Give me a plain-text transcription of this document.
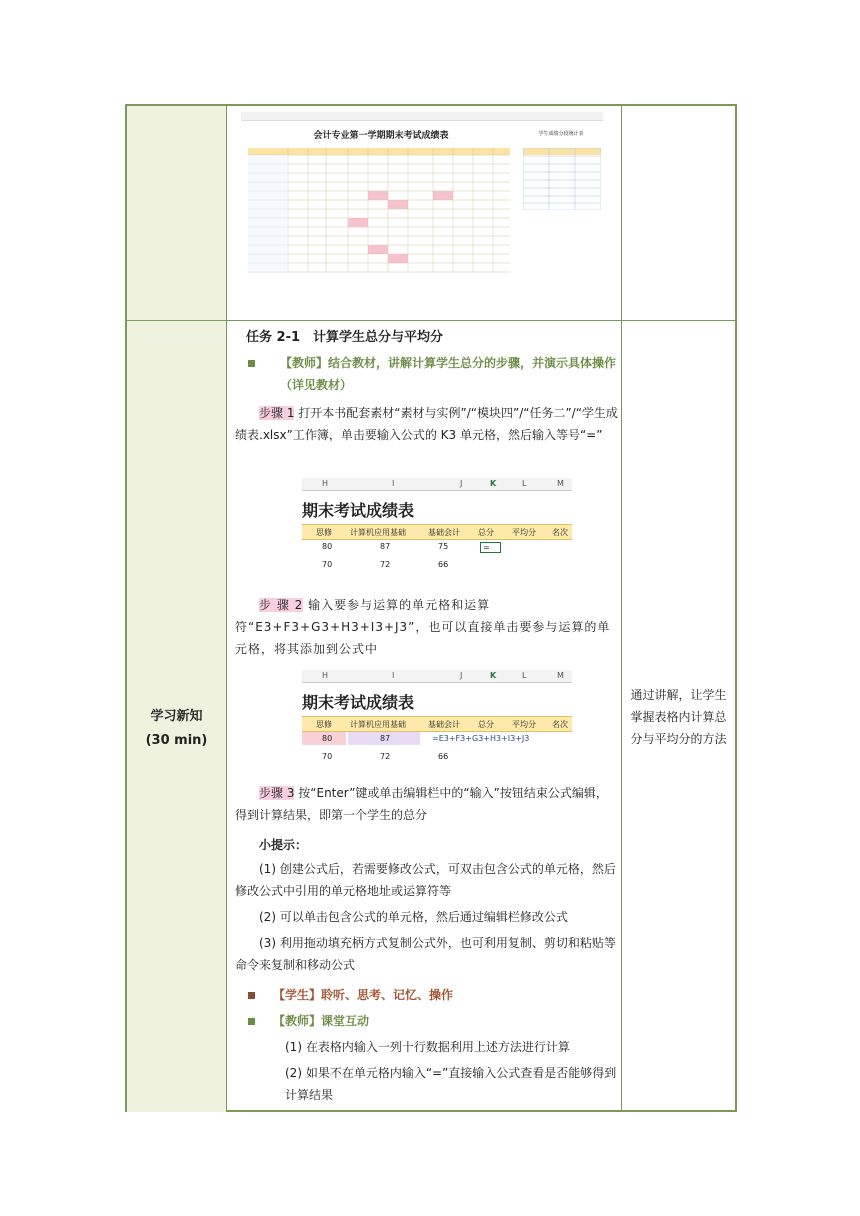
会计专业第一学期期末考试成绩表	学生成绩分段统计表
学习新知
(30 min)
通过讲解，让学生掌握表格内计算总分与平均分的方法
任务 2-1　计算学生总分与平均分
【教师】结合教材，讲解计算学生总分的步骤，并演示具体操作（详见教材）
步骤 1 打开本书配套素材“素材与实例”/“模块四”/“任务二”/“学生成绩表.xlsx”工作簿，单击要输入公式的 K3 单元格，然后输入等号“=”
H	I	J	K	L	M
期末考试成绩表
思修 计算机应用基础	基础会计 总分 平均分 名次
80	87	75	=
70	72	66
步 骤 2 输入要参与运算的单元格和运算符“E3+F3+G3+H3+I3+J3”，也可以直接单击要参与运算的单元格，将其添加到公式中
H	I	J	K	L	M
期末考试成绩表
思修 计算机应用基础	基础会计 总分 平均分 名次
80	87	=E3+F3+G3+H3+I3+J3
70	72	66
步骤 3 按“Enter”键或单击编辑栏中的“输入”按钮结束公式编辑，得到计算结果，即第一个学生的总分
小提示：
(1) 创建公式后，若需要修改公式，可双击包含公式的单元格，然后修改公式中引用的单元格地址或运算符等
(2) 可以单击包含公式的单元格，然后通过编辑栏修改公式
(3) 利用拖动填充柄方式复制公式外，也可利用复制、剪切和粘贴等命令来复制和移动公式
【学生】聆听、思考、记忆、操作
【教师】课堂互动
(1) 在表格内输入一列十行数据利用上述方法进行计算
(2) 如果不在单元格内输入“=”直接输入公式查看是否能够得到计算结果
